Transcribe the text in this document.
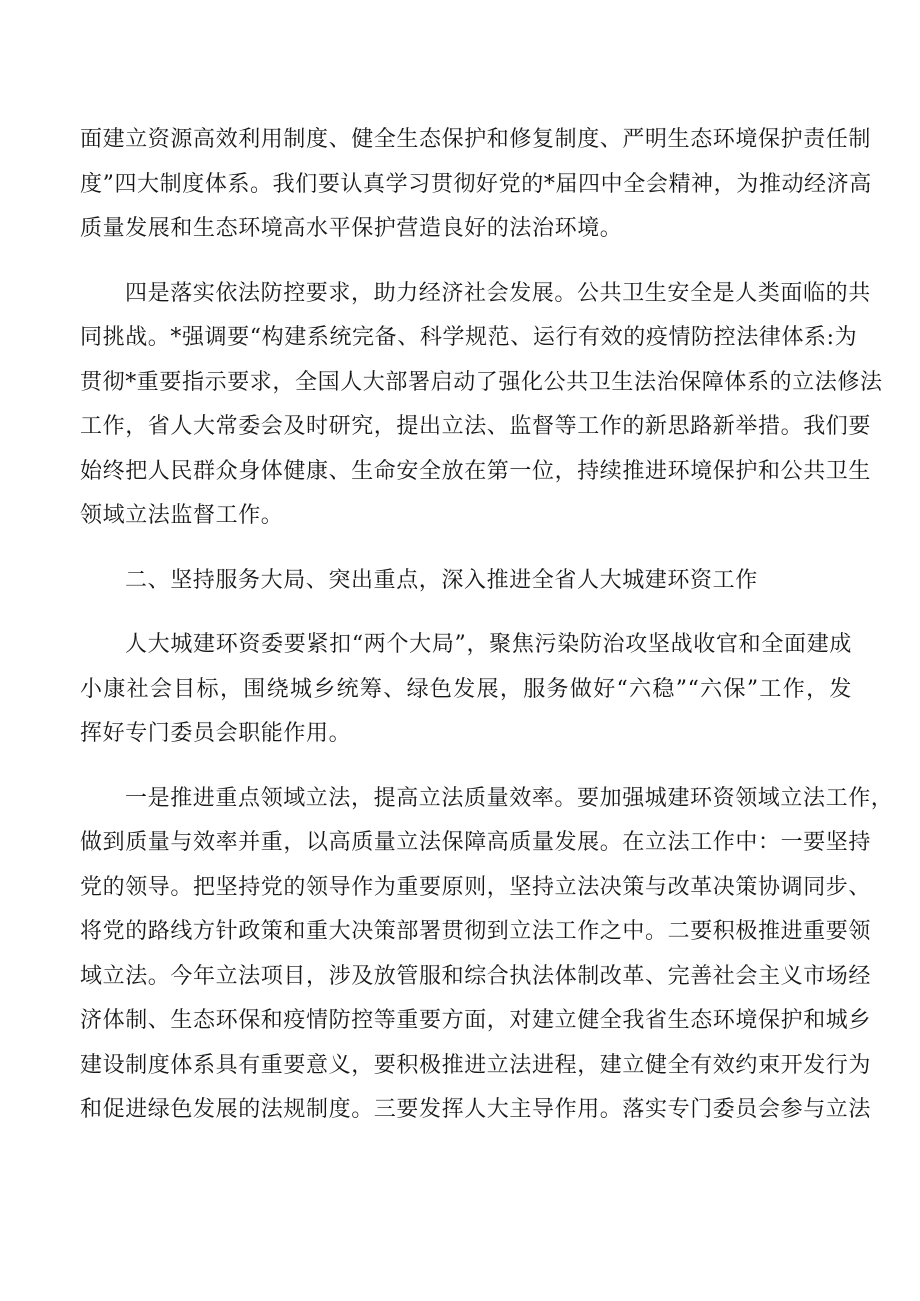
面建立资源高效利用制度、健全生态保护和修复制度、严明生态环境保护责任制
度”四大制度体系。我们要认真学习贯彻好党的*届四中全会精神，为推动经济高
质量发展和生态环境高水平保护营造良好的法治环境。
四是落实依法防控要求，助力经济社会发展。公共卫生安全是人类面临的共
同挑战。*强调要“构建系统完备、科学规范、运行有效的疫情防控法律体系:为
贯彻*重要指示要求，全国人大部署启动了强化公共卫生法治保障体系的立法修法
工作，省人大常委会及时研究，提出立法、监督等工作的新思路新举措。我们要
始终把人民群众身体健康、生命安全放在第一位，持续推进环境保护和公共卫生
领域立法监督工作。
二、坚持服务大局、突出重点，深入推进全省人大城建环资工作
人大城建环资委要紧扣“两个大局”，聚焦污染防治攻坚战收官和全面建成
小康社会目标，围绕城乡统筹、绿色发展，服务做好“六稳”“六保”工作，发
挥好专门委员会职能作用。
一是推进重点领域立法，提高立法质量效率。要加强城建环资领域立法工作，
做到质量与效率并重，以高质量立法保障高质量发展。在立法工作中：一要坚持
党的领导。把坚持党的领导作为重要原则，坚持立法决策与改革决策协调同步、
将党的路线方针政策和重大决策部署贯彻到立法工作之中。二要积极推进重要领
域立法。今年立法项目，涉及放管服和综合执法体制改革、完善社会主义市场经
济体制、生态环保和疫情防控等重要方面，对建立健全我省生态环境保护和城乡
建设制度体系具有重要意义，要积极推进立法进程，建立健全有效约束开发行为
和促进绿色发展的法规制度。三要发挥人大主导作用。落实专门委员会参与立法
